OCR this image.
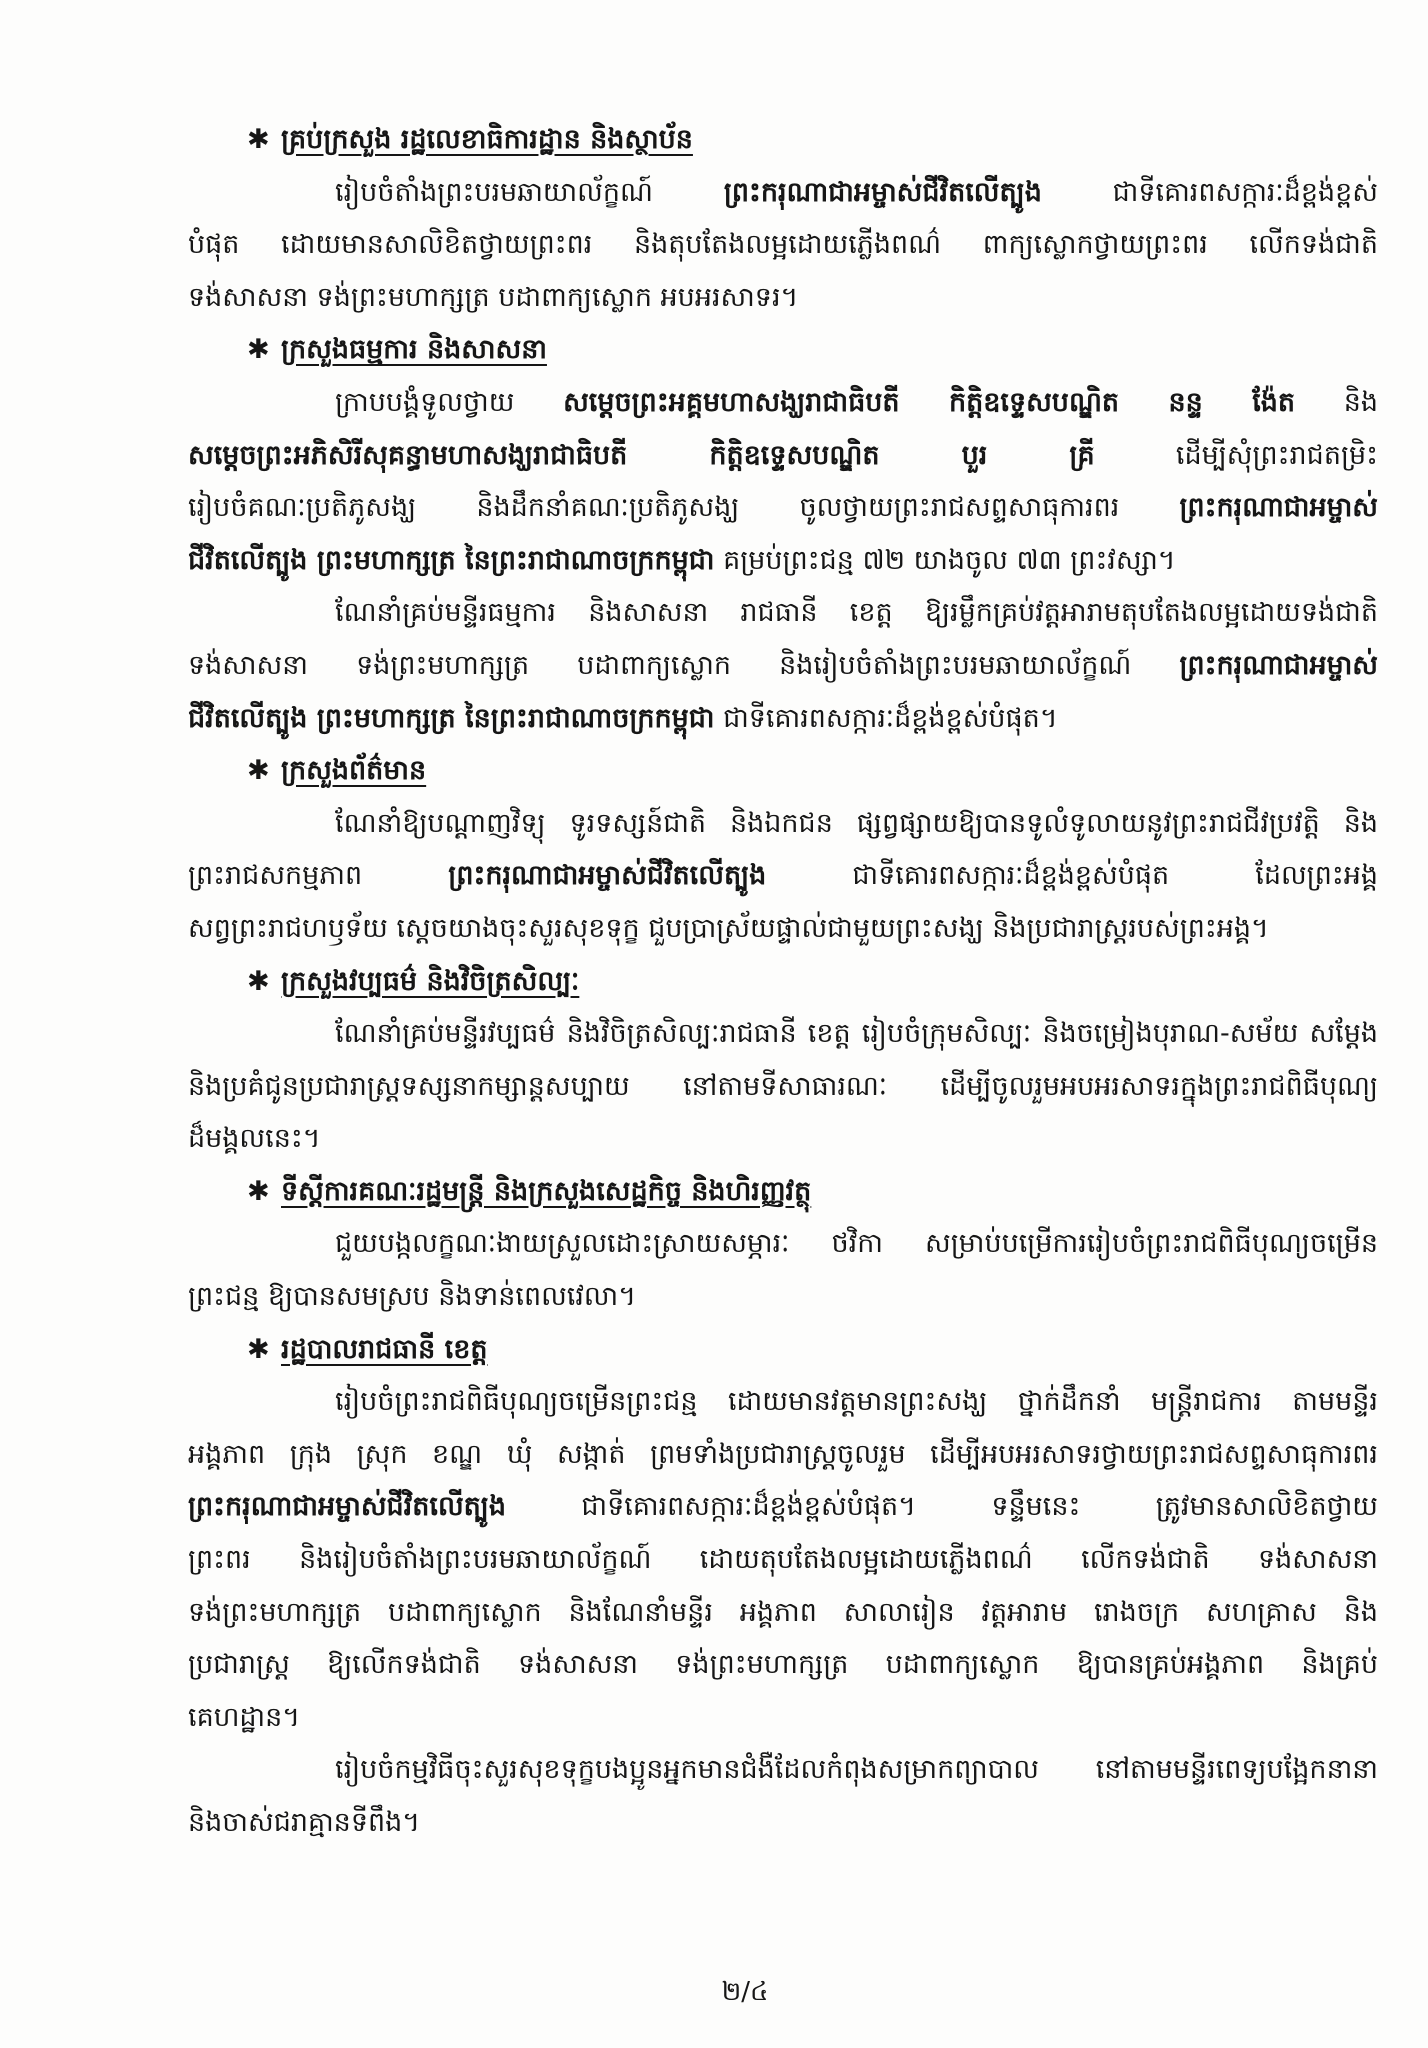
✱ គ្រប់ក្រសួង រដ្ឋលេខាធិការដ្ឋាន និងស្ថាប័ន
រៀបចំតាំងព្រះបរមឆាយាល័ក្ខណ៍ ព្រះករុណាជាអម្ចាស់ជីវិតលើត្បូង ជាទីគោរពសក្ការៈដ៏ខ្ពង់ខ្ពស់
បំផុត ដោយមានសាលិខិតថ្វាយព្រះពរ និងតុបតែងលម្អដោយភ្លើងពណ៌ ពាក្យស្លោកថ្វាយព្រះពរ លើកទង់ជាតិ
ទង់សាសនា ទង់ព្រះមហាក្សត្រ បដាពាក្យស្លោក អបអរសាទរ។
✱ ក្រសួងធម្មការ និងសាសនា
ក្រាបបង្គំទូលថ្វាយ សម្តេចព្រះអគ្គមហាសង្ឃរាជាធិបតី កិត្តិឧទ្ទេសបណ្ឌិត នន្ទ ង៉ែត និង
សម្តេចព្រះអភិសិរីសុគន្ធាមហាសង្ឃរាជាធិបតី កិត្តិឧទ្ទេសបណ្ឌិត បួរ គ្រី ដើម្បីសុំព្រះរាជតម្រិះ
រៀបចំគណៈប្រតិភូសង្ឃ និងដឹកនាំគណៈប្រតិភូសង្ឃ ចូលថ្វាយព្រះរាជសព្ទសាធុការពរ ព្រះករុណាជាអម្ចាស់
ជីវិតលើត្បូង ព្រះមហាក្សត្រ នៃព្រះរាជាណាចក្រកម្ពុជា គម្រប់ព្រះជន្ម ៧២ យាងចូល ៧៣ ព្រះវស្សា។
ណែនាំគ្រប់មន្ទីរធម្មការ និងសាសនា រាជធានី ខេត្ត ឱ្យរម្លឹកគ្រប់វត្តអារាមតុបតែងលម្អដោយទង់ជាតិ
ទង់សាសនា ទង់ព្រះមហាក្សត្រ បដាពាក្យស្លោក និងរៀបចំតាំងព្រះបរមឆាយាល័ក្ខណ៍ ព្រះករុណាជាអម្ចាស់
ជីវិតលើត្បូង ព្រះមហាក្សត្រ នៃព្រះរាជាណាចក្រកម្ពុជា ជាទីគោរពសក្ការៈដ៏ខ្ពង់ខ្ពស់បំផុត។
✱ ក្រសួងព័ត៌មាន
ណែនាំឱ្យបណ្តាញវិទ្យុ ទូរទស្សន៍ជាតិ និងឯកជន ផ្សព្វផ្សាយឱ្យបានទូលំទូលាយនូវព្រះរាជជីវប្រវត្តិ និង
ព្រះរាជសកម្មភាព ព្រះករុណាជាអម្ចាស់ជីវិតលើត្បូង ជាទីគោរពសក្ការៈដ៏ខ្ពង់ខ្ពស់បំផុត ដែលព្រះអង្គ
សព្វព្រះរាជហឫទ័យ ស្តេចយាងចុះសួរសុខទុក្ខ ជួបប្រាស្រ័យផ្ទាល់ជាមួយព្រះសង្ឃ និងប្រជារាស្ត្ររបស់ព្រះអង្គ។
✱ ក្រសួងវប្បធម៌ និងវិចិត្រសិល្បៈ
ណែនាំគ្រប់មន្ទីរវប្បធម៌ និងវិចិត្រសិល្បៈរាជធានី ខេត្ត រៀបចំក្រុមសិល្បៈ និងចម្រៀងបុរាណ-សម័យ សម្តែង
និងប្រគំជូនប្រជារាស្ត្រទស្សនាកម្សាន្តសប្បាយ នៅតាមទីសាធារណៈ ដើម្បីចូលរួមអបអរសាទរក្នុងព្រះរាជពិធីបុណ្យ
ដ៏មង្គលនេះ។
✱ ទីស្តីការគណៈរដ្ឋមន្ត្រី និងក្រសួងសេដ្ឋកិច្ច និងហិរញ្ញវត្ថុ
ជួយបង្កលក្ខណៈងាយស្រួលដោះស្រាយសម្ភារៈ ថវិកា សម្រាប់បម្រើការរៀបចំព្រះរាជពិធីបុណ្យចម្រើន
ព្រះជន្ម ឱ្យបានសមស្រប និងទាន់ពេលវេលា។
✱ រដ្ឋបាលរាជធានី ខេត្ត
រៀបចំព្រះរាជពិធីបុណ្យចម្រើនព្រះជន្ម ដោយមានវត្តមានព្រះសង្ឃ ថ្នាក់ដឹកនាំ មន្ត្រីរាជការ តាមមន្ទីរ
អង្គភាព ក្រុង ស្រុក ខណ្ឌ ឃុំ សង្កាត់ ព្រមទាំងប្រជារាស្ត្រចូលរួម ដើម្បីអបអរសាទរថ្វាយព្រះរាជសព្ទសាធុការពរ
ព្រះករុណាជាអម្ចាស់ជីវិតលើត្បូង ជាទីគោរពសក្ការៈដ៏ខ្ពង់ខ្ពស់បំផុត។ ទន្ទឹមនេះ ត្រូវមានសាលិខិតថ្វាយ
ព្រះពរ និងរៀបចំតាំងព្រះបរមឆាយាល័ក្ខណ៍ ដោយតុបតែងលម្អដោយភ្លើងពណ៌ លើកទង់ជាតិ ទង់សាសនា
ទង់ព្រះមហាក្សត្រ បដាពាក្យស្លោក និងណែនាំមន្ទីរ អង្គភាព សាលារៀន វត្តអារាម រោងចក្រ សហគ្រាស និង
ប្រជារាស្ត្រ ឱ្យលើកទង់ជាតិ ទង់សាសនា ទង់ព្រះមហាក្សត្រ បដាពាក្យស្លោក ឱ្យបានគ្រប់អង្គភាព និងគ្រប់
គេហដ្ឋាន។
រៀបចំកម្មវិធីចុះសួរសុខទុក្ខបងប្អូនអ្នកមានជំងឺដែលកំពុងសម្រាកព្យាបាល នៅតាមមន្ទីរពេទ្យបង្អែកនានា
និងចាស់ជរាគ្មានទីពឹង។
២/៤
